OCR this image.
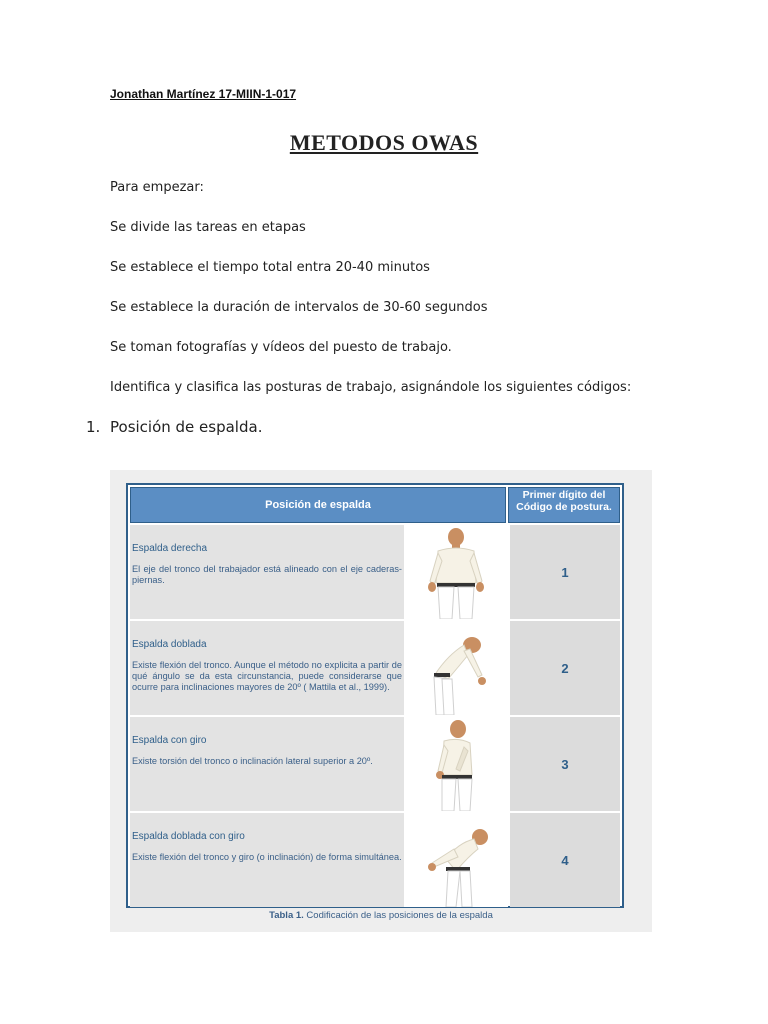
Jonathan Martínez 17-MIIN-1-017
METODOS OWAS
Para empezar:
Se divide las tareas en etapas
Se establece el tiempo total entra 20-40 minutos
Se establece la duración de intervalos de 30-60 segundos
Se toman fotografías y vídeos del puesto de trabajo.
Identifica y clasifica las posturas de trabajo, asignándole los siguientes códigos:
1. Posición de espalda.
Posición de espalda
Primer dígito del Código de postura.
Espalda derecha
El eje del tronco del trabajador está alineado con el eje caderas-piernas.
1
Espalda doblada
Existe flexión del tronco. Aunque el método no explicita a partir de qué ángulo se da esta circunstancia, puede considerarse que ocurre para inclinaciones mayores de 20º ( Mattila et al., 1999).
2
Espalda con giro
Existe torsión del tronco o inclinación lateral superior a 20º.	3
Espalda doblada con giro
Existe flexión del tronco y giro (o inclinación) de forma simultánea.	4
Tabla 1. Codificación de las posiciones de la espalda
